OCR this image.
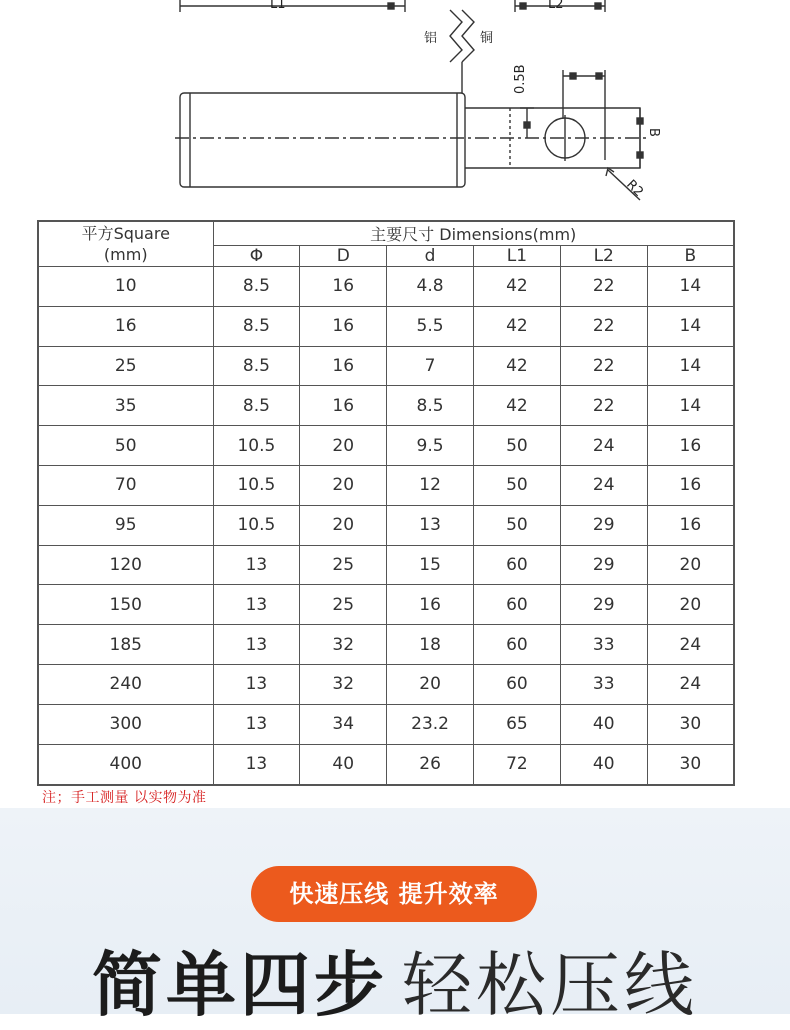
L1	L2
铝	铜
0.5B
B
R2
平方Square
(mm)	主要尺寸 Dimensions(mm)					
	Φ	D	d	L1	L2	B
10	8.5	16	4.8	42	22	14
16	8.5	16	5.5	42	22	14
25	8.5	16	7	42	22	14
35	8.5	16	8.5	42	22	14
50	10.5	20	9.5	50	24	16
70	10.5	20	12	50	24	16
95	10.5	20	13	50	29	16
120	13	25	15	60	29	20
150	13	25	16	60	29	20
185	13	32	18	60	33	24
240	13	32	20	60	33	24
300	13	34	23.2	65	40	30
400	13	40	26	72	40	30
注；手工测量 以实物为准
快速压线 提升效率
简单四步 轻松压线
